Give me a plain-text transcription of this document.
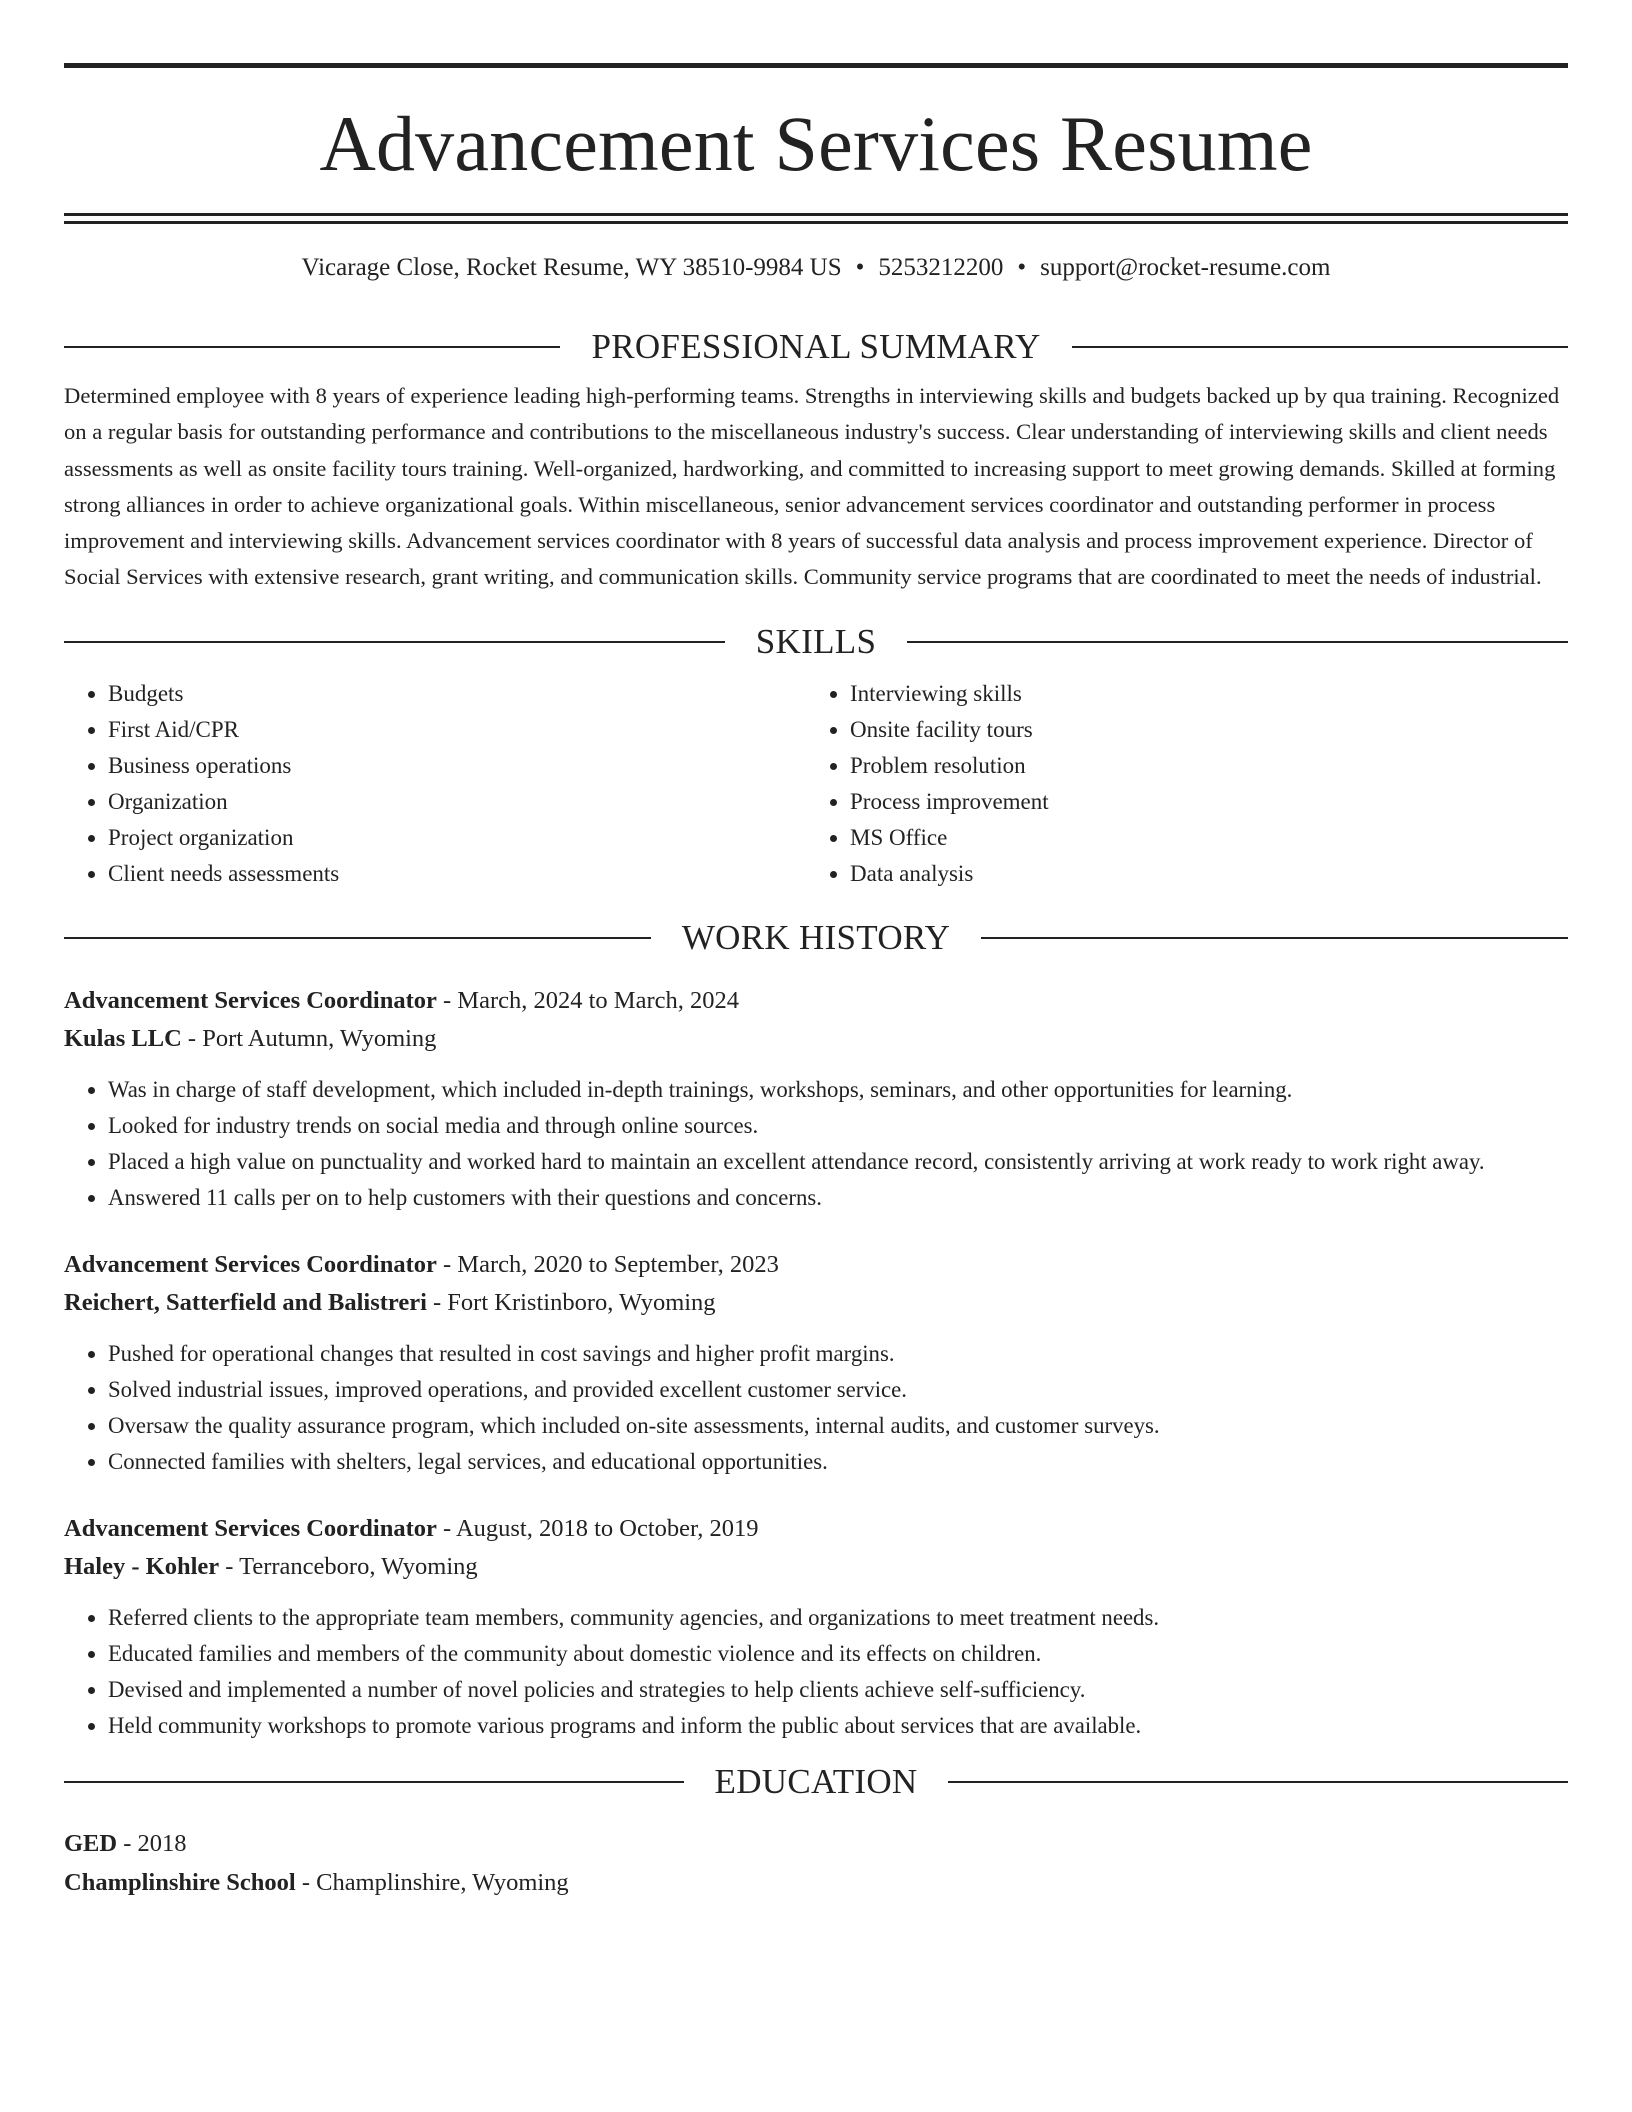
Advancement Services Resume
Vicarage Close, Rocket Resume, WY 38510-9984 US • 5253212200 • support@rocket-resume.com
PROFESSIONAL SUMMARY

Determined employee with 8 years of experience leading high-performing teams. Strengths in interviewing skills and budgets backed up by qua training. Recognized on a regular basis for outstanding performance and contributions to the miscellaneous industry's success. Clear understanding of interviewing skills and client needs assessments as well as onsite facility tours training. Well-organized, hardworking, and committed to increasing support to meet growing demands. Skilled at forming strong alliances in order to achieve organizational goals. Within miscellaneous, senior advancement services coordinator and outstanding performer in process improvement and interviewing skills. Advancement services coordinator with 8 years of successful data analysis and process improvement experience. Director of Social Services with extensive research, grant writing, and communication skills. Community service programs that are coordinated to meet the needs of industrial.

SKILLS
• Budgets
• First Aid/CPR
• Business operations
• Organization
• Project organization
• Client needs assessments
• Interviewing skills
• Onsite facility tours
• Problem resolution
• Process improvement
• MS Office
• Data analysis
WORK HISTORY
Advancement Services Coordinator - March, 2024 to March, 2024
Kulas LLC - Port Autumn, Wyoming
• Was in charge of staff development, which included in-depth trainings, workshops, seminars, and other opportunities for learning.
• Looked for industry trends on social media and through online sources.
• Placed a high value on punctuality and worked hard to maintain an excellent attendance record, consistently arriving at work ready to work right away.
• Answered 11 calls per on to help customers with their questions and concerns.
Advancement Services Coordinator - March, 2020 to September, 2023
Reichert, Satterfield and Balistreri - Fort Kristinboro, Wyoming
• Pushed for operational changes that resulted in cost savings and higher profit margins.
• Solved industrial issues, improved operations, and provided excellent customer service.
• Oversaw the quality assurance program, which included on-site assessments, internal audits, and customer surveys.
• Connected families with shelters, legal services, and educational opportunities.
Advancement Services Coordinator - August, 2018 to October, 2019
Haley - Kohler - Terranceboro, Wyoming
• Referred clients to the appropriate team members, community agencies, and organizations to meet treatment needs.
• Educated families and members of the community about domestic violence and its effects on children.
• Devised and implemented a number of novel policies and strategies to help clients achieve self-sufficiency.
• Held community workshops to promote various programs and inform the public about services that are available.
EDUCATION
GED - 2018
Champlinshire School - Champlinshire, Wyoming
